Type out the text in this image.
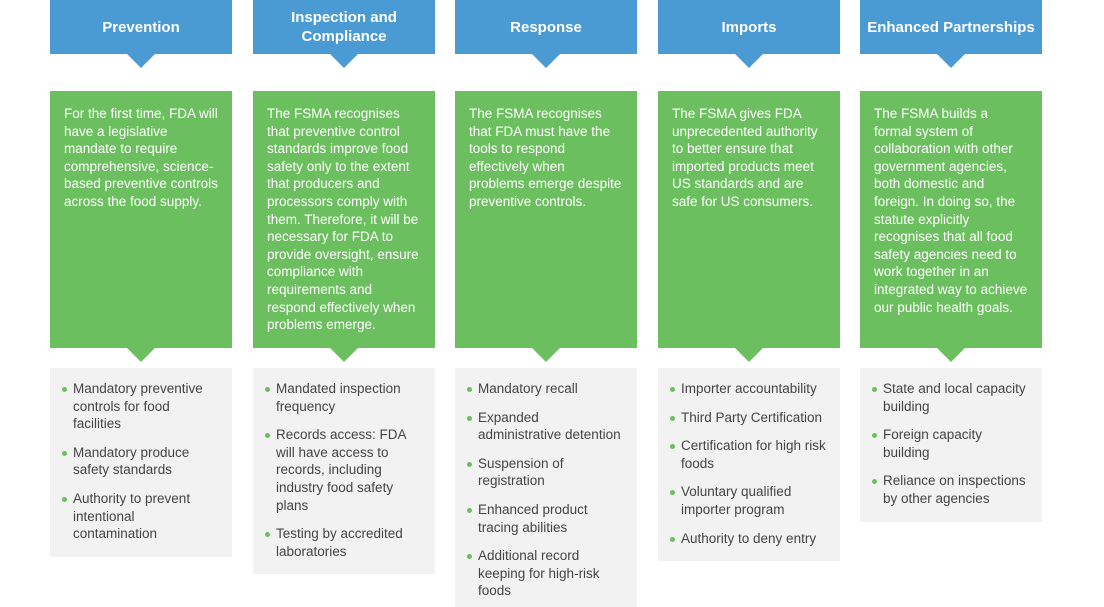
Prevention
For the first time, FDA will have a legislative mandate to require comprehensive, science-based preventive controls across the food supply.
Mandatory preventive controls for food facilities
Mandatory produce safety standards
Authority to prevent intentional contamination
Inspection and Compliance
The FSMA recognises that preventive control standards improve food safety only to the extent that producers and processors comply with them. Therefore, it will be necessary for FDA to provide oversight, ensure compliance with requirements and respond effectively when problems emerge.
Mandated inspection frequency
Records access: FDA will have access to records, including industry food safety plans
Testing by accredited laboratories
Response
The FSMA recognises that FDA must have the tools to respond effectively when problems emerge despite preventive controls.
Mandatory recall
Expanded administrative detention
Suspension of registration
Enhanced product tracing abilities
Additional record keeping for high-risk foods
Imports
The FSMA gives FDA unprecedented authority to better ensure that imported products meet US standards and are safe for US consumers.
Importer accountability
Third Party Certification
Certification for high risk foods
Voluntary qualified importer program
Authority to deny entry
Enhanced Partnerships
The FSMA builds a formal system of collaboration with other government agencies, both domestic and foreign. In doing so, the statute explicitly recognises that all food safety agencies need to work together in an integrated way to achieve our public health goals.
State and local capacity building
Foreign capacity building
Reliance on inspections by other agencies
